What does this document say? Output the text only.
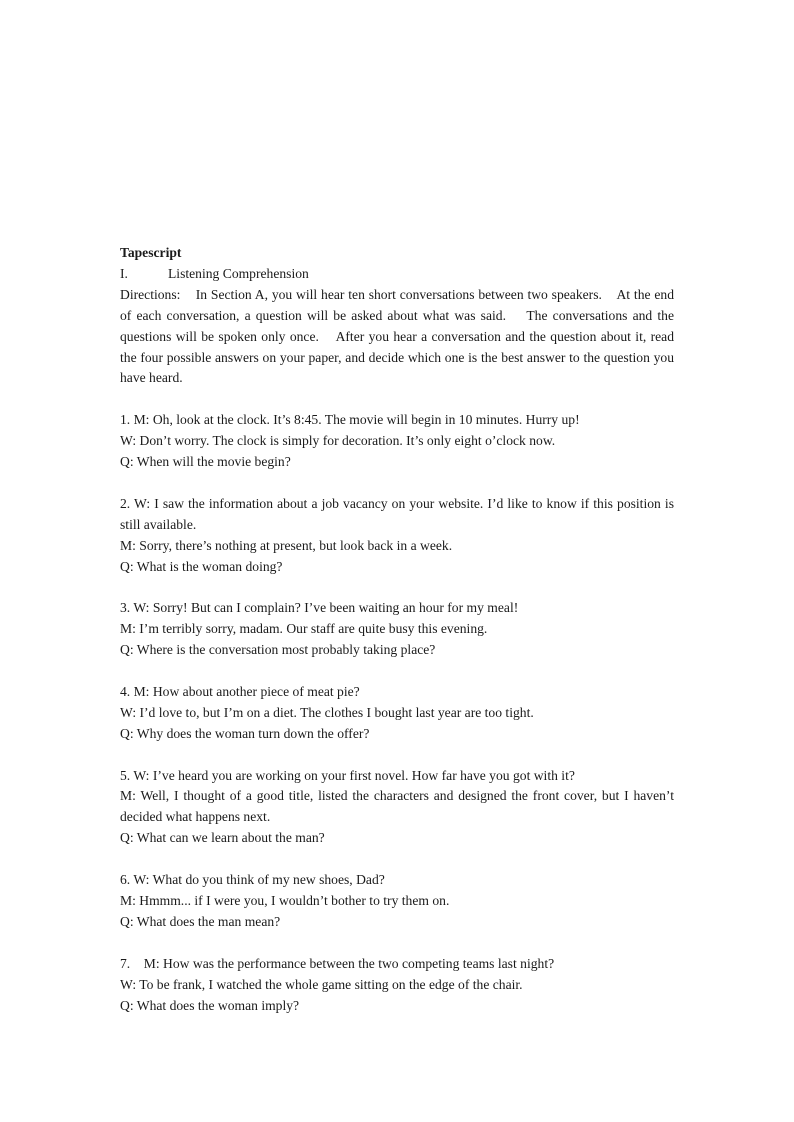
Tapescript

I.	Listening Comprehension

Directions:    In Section A, you will hear ten short conversations between two speakers.    At the end of each conversation, a question will be asked about what was said.    The conversations and the questions will be spoken only once.    After you hear a conversation and the question about it, read the four possible answers on your paper, and decide which one is the best answer to the question you have heard.

1. M: Oh, look at the clock. It’s 8:45. The movie will begin in 10 minutes. Hurry up!

W: Don’t worry. The clock is simply for decoration. It’s only eight o’clock now.

Q: When will the movie begin?

2. W: I saw the information about a job vacancy on your website. I’d like to know if this position is still available.

M: Sorry, there’s nothing at present, but look back in a week.

Q: What is the woman doing?

3. W: Sorry! But can I complain? I’ve been waiting an hour for my meal!

M: I’m terribly sorry, madam. Our staff are quite busy this evening.

Q: Where is the conversation most probably taking place?

4. M: How about another piece of meat pie?

W: I’d love to, but I’m on a diet. The clothes I bought last year are too tight.

Q: Why does the woman turn down the offer?

5. W: I’ve heard you are working on your first novel. How far have you got with it?

M: Well, I thought of a good title, listed the characters and designed the front cover, but I haven’t decided what happens next.

Q: What can we learn about the man?

6. W: What do you think of my new shoes, Dad?

M: Hmmm... if I were you, I wouldn’t bother to try them on.

Q: What does the man mean?

7.    M: How was the performance between the two competing teams last night?

W: To be frank, I watched the whole game sitting on the edge of the chair.

Q: What does the woman imply?
